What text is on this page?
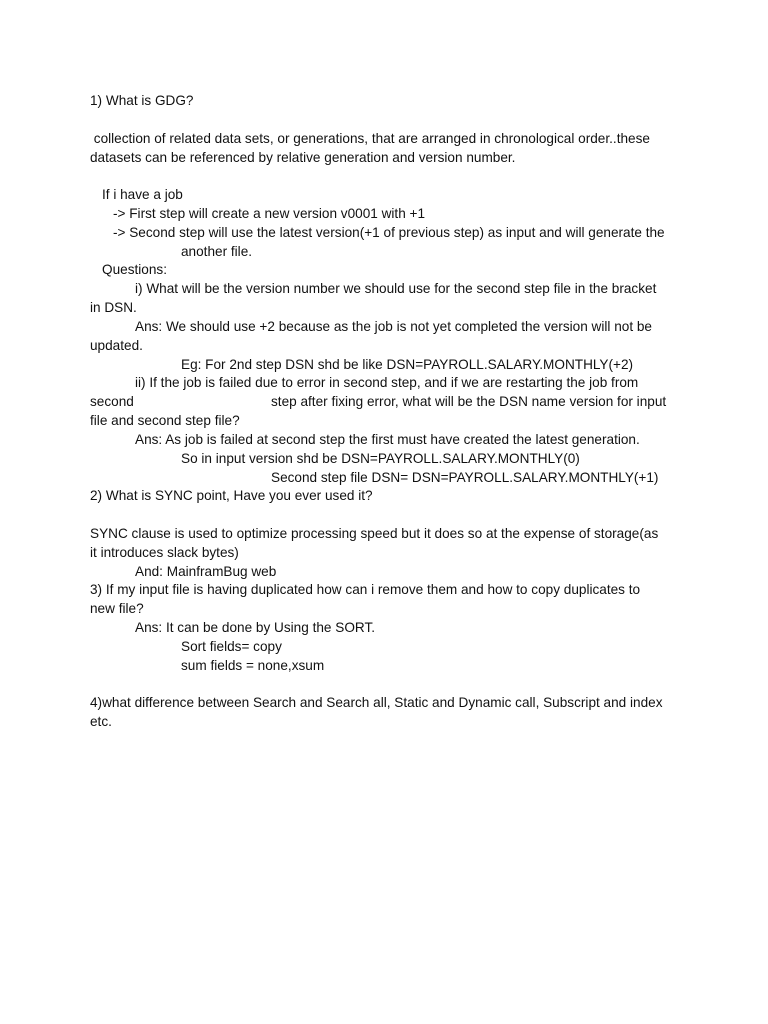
1) What is GDG?
collection of related data sets, or generations, that are arranged in chronological order..these
datasets can be referenced by relative generation and version number.
If i have a job
-> First step will create a new version v0001 with +1
-> Second step will use the latest version(+1 of previous step) as input and will generate the
another file.
Questions:
i) What will be the version number we should use for the second step file in the bracket
in DSN.
Ans: We should use +2 because as the job is not yet completed the version will not be
updated.
Eg: For 2nd step DSN shd be like DSN=PAYROLL.SALARY.MONTHLY(+2)
ii) If the job is failed due to error in second step, and if we are restarting the job from
second	step after fixing error, what will be the DSN name version for input
file and second step file?
Ans: As job is failed at second step the first must have created the latest generation.
So in input version shd be DSN=PAYROLL.SALARY.MONTHLY(0)
Second step file DSN= DSN=PAYROLL.SALARY.MONTHLY(+1)
2) What is SYNC point, Have you ever used it?
SYNC clause is used to optimize processing speed but it does so at the expense of storage(as
it introduces slack bytes)
And: MainframBug web
3) If my input file is having duplicated how can i remove them and how to copy duplicates to
new file?
Ans: It can be done by Using the SORT.
Sort fields= copy
sum fields = none,xsum
4)what difference between Search and Search all, Static and Dynamic call, Subscript and index
etc.
